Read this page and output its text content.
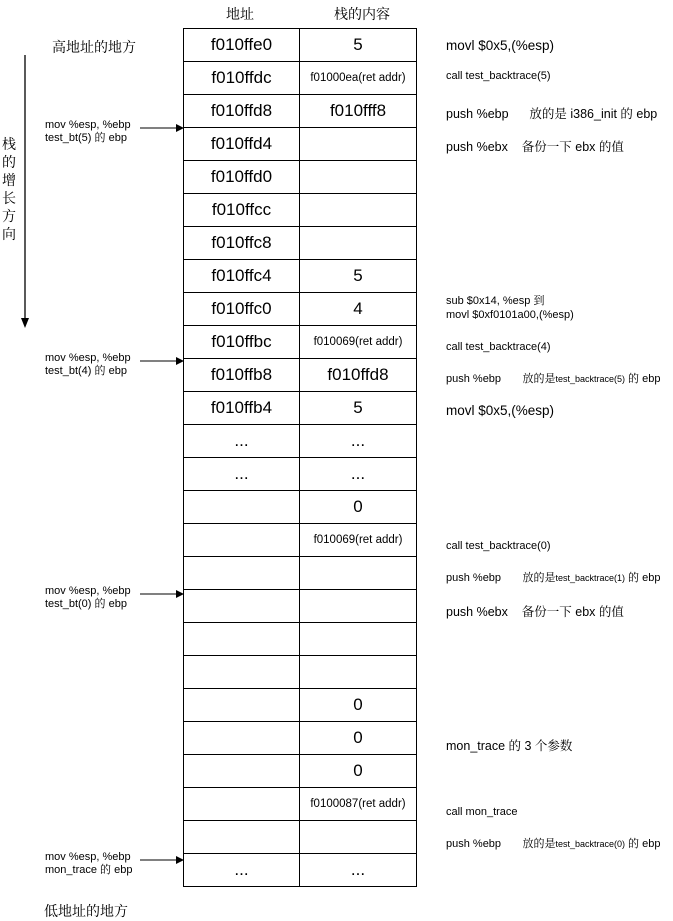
地址	栈的内容
高地址的地方
低地址的地方
栈
的
增
长
方
向
mov %esp, %ebp
test_bt(5) 的 ebp
mov %esp, %ebp
test_bt(4) 的 ebp
mov %esp, %ebp
test_bt(0) 的 ebp
mov %esp, %ebp
mon_trace 的 ebp
f010ffe0	5
f010ffdc	f01000ea(ret addr)
f010ffd8	f010fff8
f010ffd4	
f010ffd0	
f010ffcc	
f010ffc8	
f010ffc4	5
f010ffc0	4
f010ffbc	f010069(ret addr)
f010ffb8	f010ffd8
f010ffb4	5
...	...
...	...
	0
	f010069(ret addr)

	0
	0
	0
	f0100087(ret addr)

...	...
movl $0x5,(%esp)
call test_backtrace(5)
push %ebp 放的是 i386_init 的 ebp
push %ebx 备份一下 ebx 的值
sub $0x14, %esp 到
movl $0xf0101a00,(%esp)
call test_backtrace(4)
push %ebp 放的是test_backtrace(5) 的 ebp
movl $0x5,(%esp)
call test_backtrace(0)
push %ebp 放的是test_backtrace(1) 的 ebp
push %ebx 备份一下 ebx 的值
mon_trace 的 3 个参数
call mon_trace
push %ebp 放的是test_backtrace(0) 的 ebp
